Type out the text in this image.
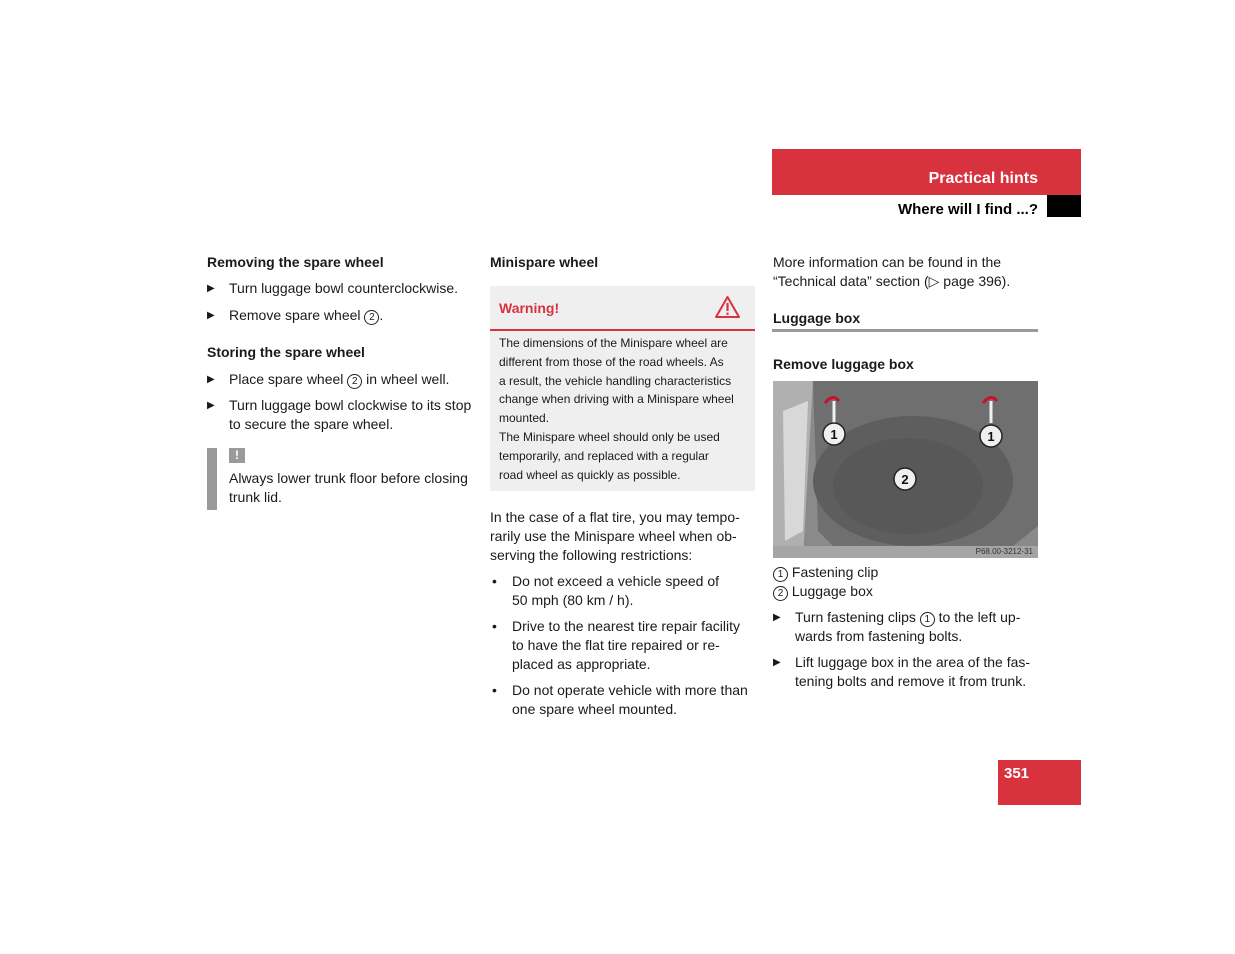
Practical hints
Where will I find ...?

Removing the spare wheel

▶ Turn luggage bowl counterclockwise.

▶ Remove spare wheel 2 .

Storing the spare wheel

▶ Place spare wheel 2 in wheel well.

▶ Turn luggage bowl clockwise to its stop
to secure the spare wheel.

!
Always lower trunk floor before closing
trunk lid.
Minispare wheel
Warning!
The dimensions of the Minispare wheel are
different from those of the road wheels. As
a result, the vehicle handling characteristics
change when driving with a Minispare wheel
mounted.
The Minispare wheel should only be used
temporarily, and replaced with a regular
road wheel as quickly as possible.
In the case of a flat tire, you may tempo-
rarily use the Minispare wheel when ob-
serving the following restrictions:

• Do not exceed a vehicle speed of
50 mph (80 km / h).

• Drive to the nearest tire repair facility
to have the flat tire repaired or re-
placed as appropriate.

• Do not operate vehicle with more than
one spare wheel mounted.

More information can be found in the
“Technical data” section (▷ page 396).
Luggage box
Remove luggage box
1	1
2
P68.00-3212-31
1 Fastening clip
2 Luggage box

▶ Turn fastening clips 1 to the left up-
wards from fastening bolts.

▶ Lift luggage box in the area of the fas-
tening bolts and remove it from trunk.

351
